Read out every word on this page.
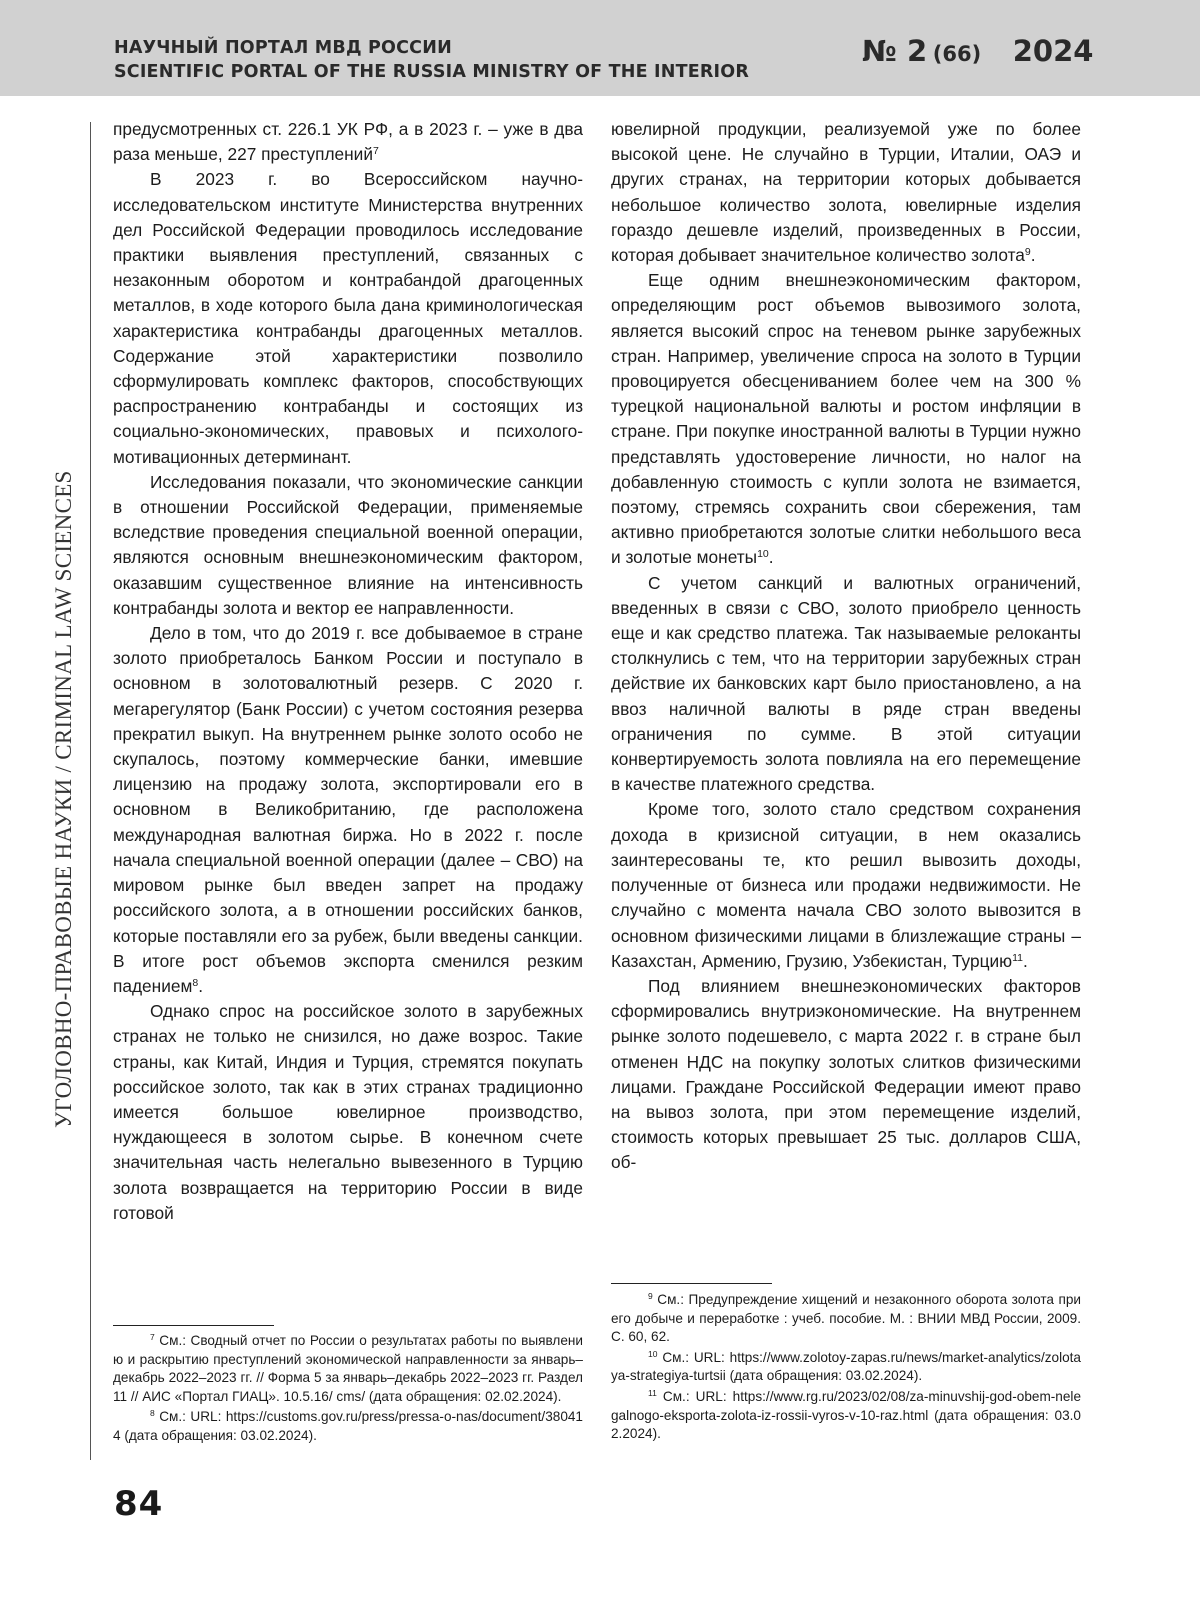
НАУЧНЫЙ ПОРТАЛ МВД РОССИИ
SCIENTIFIC PORTAL OF THE RUSSIA MINISTRY OF THE INTERIOR
№ 2 (66) 2024
УГОЛОВНО-ПРАВОВЫЕ НАУКИ / CRIMINAL LAW SCIENCES

предусмотренных ст. 226.1 УК РФ, а в 2023 г. – уже в два раза меньше, 227 преступлений$^7$

В 2023 г. во Всероссийском научно-исследовательском институте Министерства внутренних дел Российской Федерации проводилось исследование практики выявления преступлений, связанных с незаконным оборотом и контрабандой драгоценных металлов, в ходе которого была дана криминологическая характеристика контрабанды драгоценных металлов. Содержание этой характеристики позволило сформулировать комплекс факторов, способствующих распространению контрабанды и состоящих из социально-экономических, правовых и психолого-мотивационных детерминант.

Исследования показали, что экономические санкции в отношении Российской Федерации, применяемые вследствие проведения специальной военной операции, являются основным внешнеэкономическим фактором, оказавшим существенное влияние на интенсивность контрабанды золота и вектор ее направленности.

Дело в том, что до 2019 г. все добываемое в стране золото приобреталось Банком России и поступало в основном в золотовалютный резерв. С 2020 г. мегарегулятор (Банк России) с учетом состояния резерва прекратил выкуп. На внутреннем рынке золото особо не скупалось, поэтому коммерческие банки, имевшие лицензию на продажу золота, экспортировали его в основном в Великобританию, где расположена международная валютная биржа. Но в 2022 г. после начала специальной военной операции (далее – СВО) на мировом рынке был введен запрет на продажу российского золота, а в отношении российских банков, которые поставляли его за рубеж, были введены санкции. В итоге рост объемов экспорта сменился резким падением$^8$.

Однако спрос на российское золото в зарубежных странах не только не снизился, но даже возрос. Такие страны, как Китай, Индия и Турция, стремятся покупать российское золото, так как в этих странах традиционно имеется большое ювелирное производство, нуждающееся в золотом сырье. В конечном счете значительная часть нелегально вывезенного в Турцию золота возвращается на территорию России в виде готовой

ювелирной продукции, реализуемой уже по более высокой цене. Не случайно в Турции, Италии, ОАЭ и других странах, на территории которых добывается небольшое количество золота, ювелирные изделия гораздо дешевле изделий, произведенных в России, которая добывает значительное количество золота$^9$.

Еще одним внешнеэкономическим фактором, определяющим рост объемов вывозимого золота, является высокий спрос на теневом рынке зарубежных стран. Например, увеличение спроса на золото в Турции провоцируется обесцениванием более чем на 300 % турецкой национальной валюты и ростом инфляции в стране. При покупке иностранной валюты в Турции нужно представлять удостоверение личности, но налог на добавленную стоимость с купли золота не взимается, поэтому, стремясь сохранить свои сбережения, там активно приобретаются золотые слитки небольшого веса и золотые монеты$^{10}$.

С учетом санкций и валютных ограничений, введенных в связи с СВО, золото приобрело ценность еще и как средство платежа. Так называемые релоканты столкнулись с тем, что на территории зарубежных стран действие их банковских карт было приостановлено, а на ввоз наличной валюты в ряде стран введены ограничения по сумме. В этой ситуации конвертируемость золота повлияла на его перемещение в качестве платежного средства.

Кроме того, золото стало средством сохранения дохода в кризисной ситуации, в нем оказались заинтересованы те, кто решил вывозить доходы, полученные от бизнеса или продажи недвижимости. Не случайно с момента начала СВО золото вывозится в основном физическими лицами в близлежащие страны – Казахстан, Армению, Грузию, Узбекистан, Турцию$^{11}$.

Под влиянием внешнеэкономических факторов сформировались внутриэкономические. На внутреннем рынке золото подешевело, с марта 2022 г. в стране был отменен НДС на покупку золотых слитков физическими лицами. Граждане Российской Федерации имеют право на вывоз золота, при этом перемещение изделий, стоимость которых превышает 25 тыс. долларов США, об-

$^7$ См.: Сводный отчет по России о результатах работы по выявлению и раскрытию преступлений экономической направленности за январь–декабрь 2022–2023 гг. // Форма 5 за январь–декабрь 2022–2023 гг. Раздел 11 // АИС «Портал ГИАЦ». 10.5.16/ cms/ (дата обращения: 02.02.2024).

$^8$ См.: URL: https://customs.gov.ru/press/pressa-o-nas/document/380414 (дата обращения: 03.02.2024).

$^9$ См.: Предупреждение хищений и незаконного оборота золота при его добыче и переработке : учеб. пособие. М. : ВНИИ МВД России, 2009. С. 60, 62.

$^{10}$ См.: URL: https://www.zolotoy-zapas.ru/news/market-analytics/zolotaya-strategiya-turtsii (дата обращения: 03.02.2024).

$^{11}$ См.: URL: https://www.rg.ru/2023/02/08/za-minuvshij-god-obem-nelegalnogo-eksporta-zolota-iz-rossii-vyros-v-10-raz.html (дата обращения: 03.02.2024).

84
